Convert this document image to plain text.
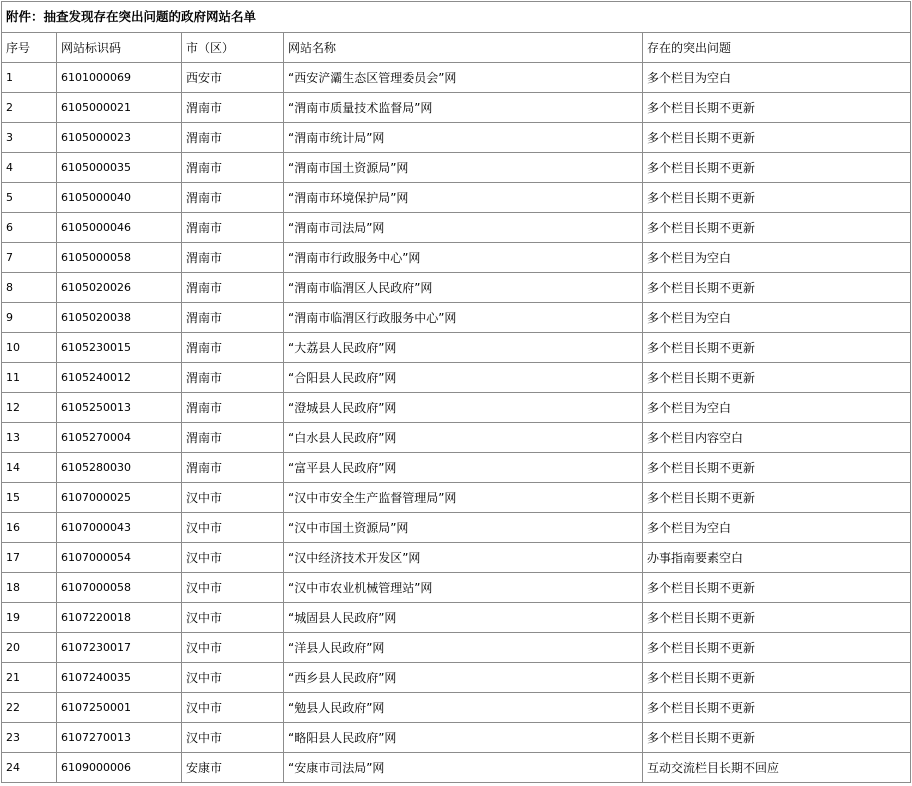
附件：抽查发现存在突出问题的政府网站名单				
序号	网站标识码	市（区）	网站名称	存在的突出问题
1	6101000069	西安市	“西安浐灞生态区管理委员会”网	多个栏目为空白
2	6105000021	渭南市	“渭南市质量技术监督局”网	多个栏目长期不更新
3	6105000023	渭南市	“渭南市统计局”网	多个栏目长期不更新
4	6105000035	渭南市	“渭南市国土资源局”网	多个栏目长期不更新
5	6105000040	渭南市	“渭南市环境保护局”网	多个栏目长期不更新
6	6105000046	渭南市	“渭南市司法局”网	多个栏目长期不更新
7	6105000058	渭南市	“渭南市行政服务中心”网	多个栏目为空白
8	6105020026	渭南市	“渭南市临渭区人民政府”网	多个栏目长期不更新
9	6105020038	渭南市	“渭南市临渭区行政服务中心”网	多个栏目为空白
10	6105230015	渭南市	“大荔县人民政府”网	多个栏目长期不更新
11	6105240012	渭南市	“合阳县人民政府”网	多个栏目长期不更新
12	6105250013	渭南市	“澄城县人民政府”网	多个栏目为空白
13	6105270004	渭南市	“白水县人民政府”网	多个栏目内容空白
14	6105280030	渭南市	“富平县人民政府”网	多个栏目长期不更新
15	6107000025	汉中市	“汉中市安全生产监督管理局”网	多个栏目长期不更新
16	6107000043	汉中市	“汉中市国土资源局”网	多个栏目为空白
17	6107000054	汉中市	“汉中经济技术开发区”网	办事指南要素空白
18	6107000058	汉中市	“汉中市农业机械管理站”网	多个栏目长期不更新
19	6107220018	汉中市	“城固县人民政府”网	多个栏目长期不更新
20	6107230017	汉中市	“洋县人民政府”网	多个栏目长期不更新
21	6107240035	汉中市	“西乡县人民政府”网	多个栏目长期不更新
22	6107250001	汉中市	“勉县人民政府”网	多个栏目长期不更新
23	6107270013	汉中市	“略阳县人民政府”网	多个栏目长期不更新
24	6109000006	安康市	“安康市司法局”网	互动交流栏目长期不回应
